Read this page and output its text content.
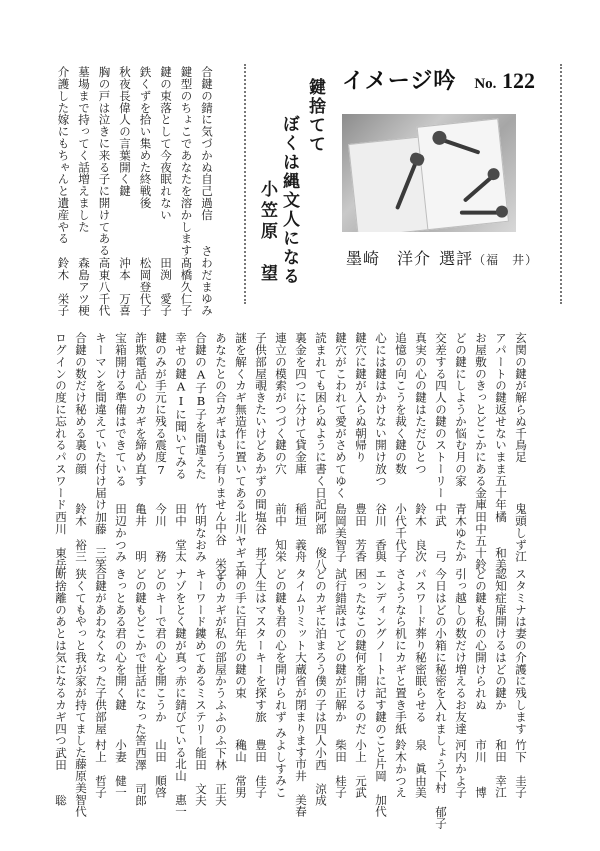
イメージ吟 No. 122
墨崎　洋介 選評（福　井）
鍵捨てて
ぼくは縄文人になる
小笠原　望
合鍵の錆に気づかぬ自己過信
さわだまゆみ
鍵型のちょこであなたを溶かします
髙橋久仁子
鍵の束落として今夜眠れない
田渕　愛子
鉄くずを拾い集めた終戦後
松岡登代子
秋夜長偉人の言葉開く鍵
沖本　万喜
胸の戸は泣きに来る子に開けてある
高東八千代
墓場まで持ってく話増えました
森島アツ梗
介護した嫁にもちゃんと遺産やる
鈴木　栄子
玄関の鍵が解らぬ千鳥足
鬼頭しず江
アパートの鍵返せないまま五十年
橘　　和美
お屋敷のきっとどこかにある金庫
田中五十鈴
どの鍵にしようか悩む月の家
青木ゆたか
交差する四人の鍵のストーリー
中武　　弓
真実の心の鍵はただひとつ
鈴木　良次
追憶の向こうを裁く鍵の数
小代千代子
心には鍵はかけない開け放つ
谷川　香與
鍵穴に鍵が入らぬ朝帰り
豊田　芳香
鍵穴がこわれて愛がさめてゆく
島岡美智子
読まれても困らぬように書く日記
阿部　俊八
裏金を四つに分けて貸金庫
稲垣　義舟
連立の模索がつづく鍵の穴
前中　知栄
子供部屋覗きたいけどあかずの間
塩谷　邦子
謎を解くカギ無造作に置いてある
北川ヤギエ
あなたとの合カギはもう有りません
中谷　栄子
合鍵のA子B子を間違えた
竹明なおみ
幸せの鍵AIに聞いてみる
田中　堂太
鍵のみが手元に残る震度7
今川　　務
詐欺電話心のカギを締め直す
亀井　　明
宝箱開ける準備はできている
田辺かつみ
キーマンを間違えていた付け届け
加藤　三笑
合鍵の数だけ秘める裏の顔
鈴木　裕三
ログインの度に忘れるパスワード
西川　東岳
スタミナは妻の介護に残します
竹下　圭子
認知症扉開けるはどの鍵か
和田　幸江
どの鍵も私の心開けられぬ
市川　　博
引っ越しの数だけ増えるお友達
河内かよ子
今日はどの小箱に秘密を入れましょう
下村　郁子
パスワード葬り秘密眠らせる
泉　眞由美
さようなら机にカギと置き手紙
鈴木かつえ
エンディングノートに記す鍵のこと
片岡　加代
困ったなこの鍵何を開けるのだ
小上　元武
試行錯誤はてどの鍵が正解か
柴田　桂子
どのカギに泊まろう僕の子は四人
小西　涼成
タイムリミット大蔵省が閉まります
市井　美春
どの鍵も君の心を開けられず
みよしすみこ
人生はマスターキーを探す旅
豊田　佳子
神の手に百年先の鍵の束
穐山　常男
どのカギが私の部屋かうふふのふ
下林　正夫
キーワード鏤めてあるミステリー
能田　文夫
ナゾをとく鍵が真っ赤に錆びている
北山　惠一
どのキーで君の心を開こうか
山田　順啓
どの鍵もどこかで世話になった筈
西澤　司郎
きっとある君の心を開く鍵
小妻　健一
合鍵があわなくなった子供部屋
村上　哲子
狭くてもやっと我が家が持てました
藤原美智代
断捨離のあとは気になるカギ四つ
武田　　聡
